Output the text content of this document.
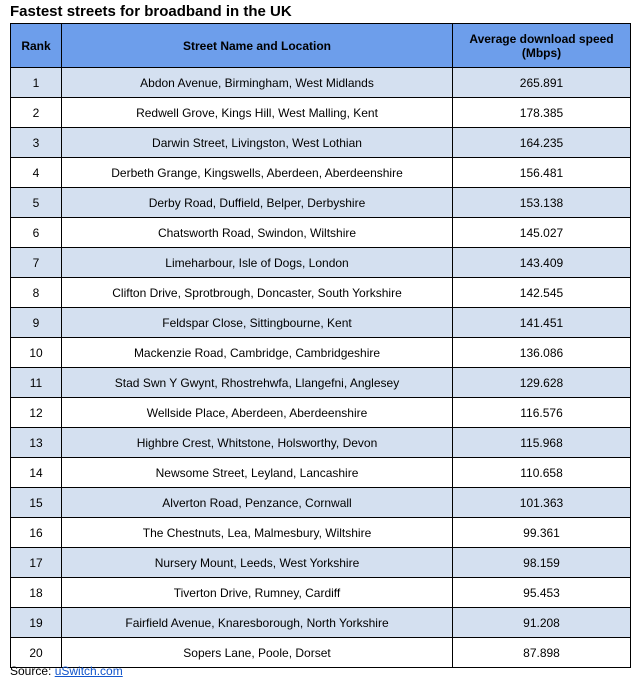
Fastest streets for broadband in the UK
Rank	Street Name and Location	Average download speed
(Mbps)
1	Abdon Avenue, Birmingham, West Midlands	265.891
2	Redwell Grove, Kings Hill, West Malling, Kent	178.385
3	Darwin Street, Livingston, West Lothian	164.235
4	Derbeth Grange, Kingswells, Aberdeen, Aberdeenshire	156.481
5	Derby Road, Duffield, Belper, Derbyshire	153.138
6	Chatsworth Road, Swindon, Wiltshire	145.027
7	Limeharbour, Isle of Dogs, London	143.409
8	Clifton Drive, Sprotbrough, Doncaster, South Yorkshire	142.545
9	Feldspar Close, Sittingbourne, Kent	141.451
10	Mackenzie Road, Cambridge, Cambridgeshire	136.086
11	Stad Swn Y Gwynt, Rhostrehwfa, Llangefni, Anglesey	129.628
12	Wellside Place, Aberdeen, Aberdeenshire	116.576
13	Highbre Crest, Whitstone, Holsworthy, Devon	115.968
14	Newsome Street, Leyland, Lancashire	110.658
15	Alverton Road, Penzance, Cornwall	101.363
16	The Chestnuts, Lea, Malmesbury, Wiltshire	99.361
17	Nursery Mount, Leeds, West Yorkshire	98.159
18	Tiverton Drive, Rumney, Cardiff	95.453
19	Fairfield Avenue, Knaresborough, North Yorkshire	91.208
20	Sopers Lane, Poole, Dorset	87.898
Source: uSwitch.com
